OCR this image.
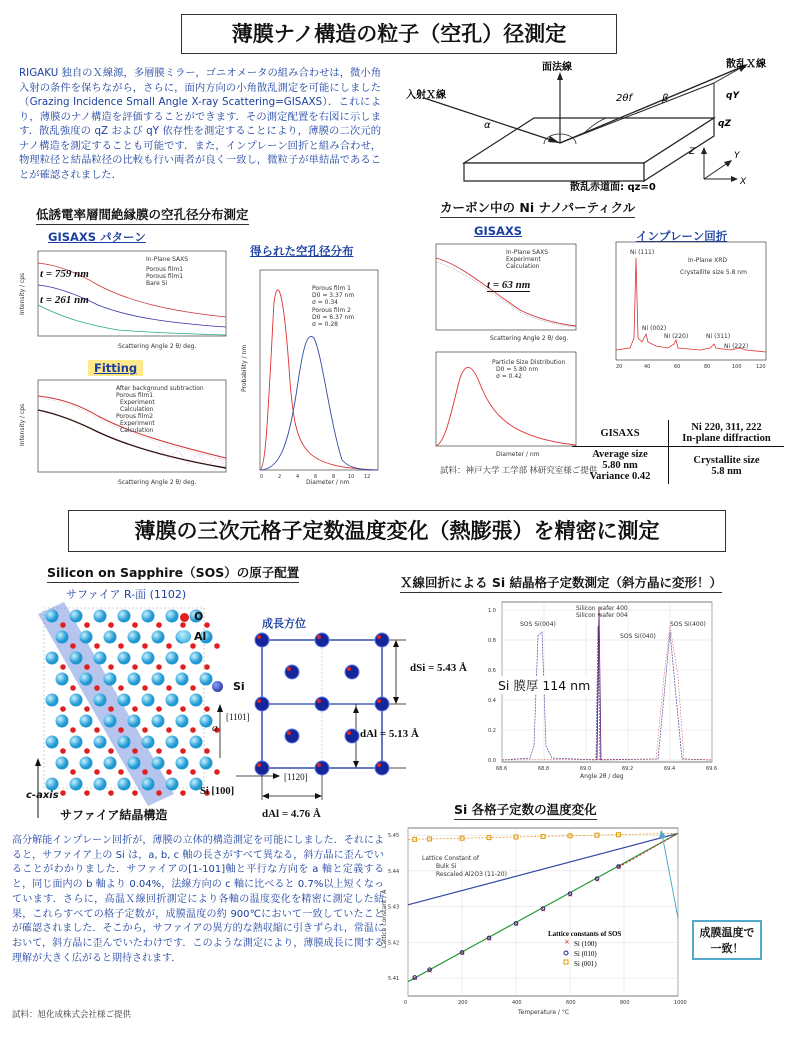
薄膜ナノ構造の粒子（空孔）径測定
RIGAKU 独自のＸ線源，多層膜ミラー，ゴニオメータの組み合わせは，微小角入射の条件を保ちながら，さらに，面内方向の小角散乱測定を可能にしました（Grazing Incidence Small Angle X-ray Scattering=GISAXS）．これにより，薄膜のナノ構造を評価することができます．その測定配置を右図に示します．散乱強度の qZ および qY 依存性を測定することにより，薄膜の二次元的ナノ構造を測定することも可能です．また，インプレーン回折と組み合わせ，物理粒径と結晶粒径の比較も行い両者が良く一致し，微粒子が単結晶であることが確認されました．
入射Ｘ線
面法線	散乱Ｘ線
2θf	β
α
qY
qZ
散乱赤道面: qz=0
Z	Y
X
低誘電率層間絶縁膜の空孔径分布測定
GISAXS パターン
得られた空孔径分布
In-Plane SAXS
Porous film1
Porous film1
Bare Si
Scattering Angle 2 θ/ deg.
Intensity / cps t = 759 nm
t = 261 nm
Fitting
After background subtraction
Porous film1
Experiment
Calculation
Porous film2
Experiment
Calculation
Scattering Angle 2 θ/ deg.
Intensity / cps
Porous film 1
D0 = 3.37 nm
σ = 0.34
Porous film 2
D0 = 6.37 nm
σ = 0.28
Diameter / nm
Probability / nm
0	2	4	6	8	10 12
カーボン中の Ni ナノパーティクル
GISAXS	インプレーン回折
In-Plane SAXS
Experiment
Calculation
Scattering Angle 2 θ/ deg.
t = 63 nm
Particle Size Distribution
D0 = 5.80 nm
σ = 0.42
Diameter / nm
Ni (111)
Ni (002)
Ni (220)	Ni (311)
Ni (222)
In-Plane XRD
Crystallite size 5.8 nm
20	40	60	80	100	120
GISAXS	Ni 220, 311, 222
In-plane diffraction
Average size
5.80 nm
Variance 0.42	Crystallite size
5.8 nm
試料：神戸大学 工学部 林研究室様ご提供
薄膜の三次元格子定数温度変化（熱膨張）を精密に測定
Silicon on Sapphire（SOS）の原子配置
サファイア R-面 (1102)
O
Al
c-axis
サファイア結晶構造
成長方位
Si
dSi = 5.43 Å
dAl = 5.13 Å
dAl = 4.76 Å
a
[1101]
[1120]
Si [100]
Ｘ線回折による Si 結晶格子定数測定（斜方晶に変形！）
Silicon wafer 400
Silicon wafer 004
SOS Si(004)
SOS Si(040)
SOS Si(400)
Angle 2θ / deg
68.6	68.8	69.0	69.2	69.4	69.6
0.0
0.2
0.4
0.6
0.8
1.0
Si 膜厚 114 nm
Si 各格子定数の温度変化
0	200	400	600	800	1000
5.41
5.42
5.43
5.44
5.45
×
×
×
×
×
×
×
×
×
Lattice Constant of
Bulk Si
Rescaled Al2O3 (11-20)
Lattice constants of SOS
Si (100)
Si (010)
Si (001)
×
Temperature / °C
Lattice constant / Å	成膜温度で一致！
高分解能インプレーン回折が，薄膜の立体的構造測定を可能にしました．それによると，サファイア上の Si は，a, b, c 軸の長さがすべて異なる，斜方晶に歪んでいることがわかりました．サファイアの[1-101]軸と平行な方向を a 軸と定義すると，同じ面内の b 軸より 0.04%，法線方向の c 軸に比べると 0.7%以上短くなっています．さらに，高温Ｘ線回折測定により各軸の温度変化を精密に測定した結果，これらすべての格子定数が，成膜温度の約 900℃において一致していたことが確認されました．そこから，サファイアの異方的な熱収縮に引きずられ，常温において，斜方晶に歪んでいたわけです．このような測定により，薄膜成長に関する理解が大きく広がると期待されます．
試料：旭化成株式会社様ご提供
